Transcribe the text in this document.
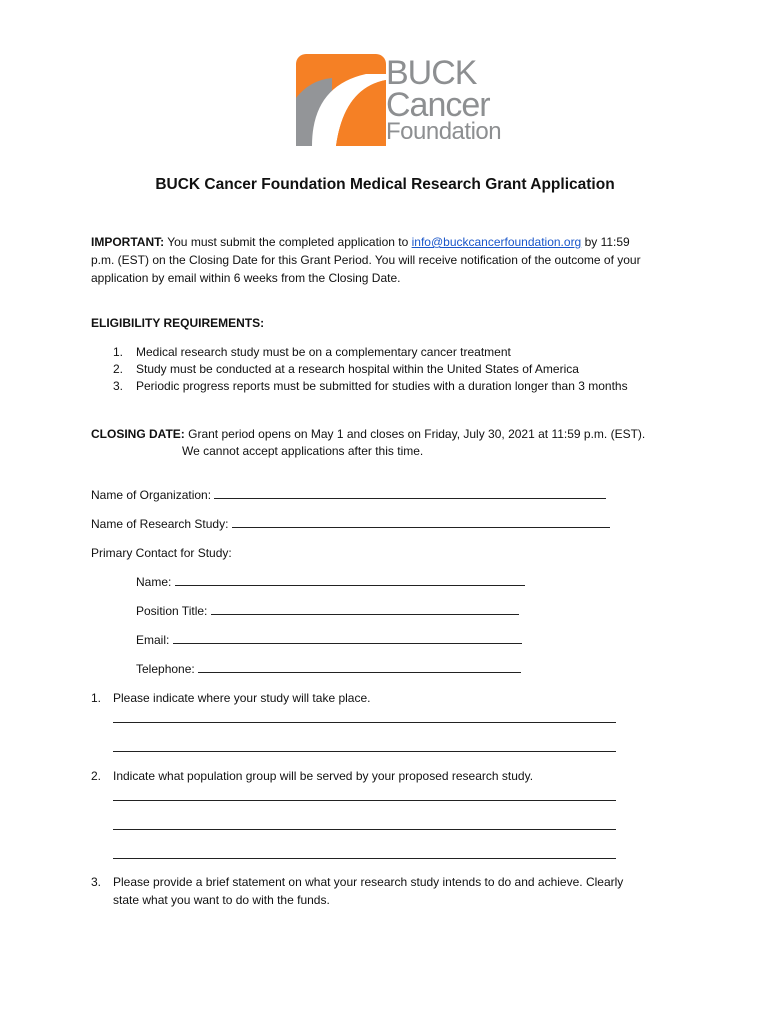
BUCK
Cancer
Foundation
BUCK Cancer Foundation Medical Research Grant Application
IMPORTANT: You must submit the completed application to info@buckcancerfoundation.org by 11:59
p.m. (EST) on the Closing Date for this Grant Period. You will receive notification of the outcome of your
application by email within 6 weeks from the Closing Date.
ELIGIBILITY REQUIREMENTS:
1. Medical research study must be on a complementary cancer treatment
2. Study must be conducted at a research hospital within the United States of America
3. Periodic progress reports must be submitted for studies with a duration longer than 3 months
CLOSING DATE: Grant period opens on May 1 and closes on Friday, July 30, 2021 at 11:59 p.m. (EST).
We cannot accept applications after this time.
Name of Organization:
Name of Research Study:
Primary Contact for Study:
Name:
Position Title:
Email:
Telephone:
1. Please indicate where your study will take place.
2. Indicate what population group will be served by your proposed research study.
3. Please provide a brief statement on what your research study intends to do and achieve. Clearly
state what you want to do with the funds.
